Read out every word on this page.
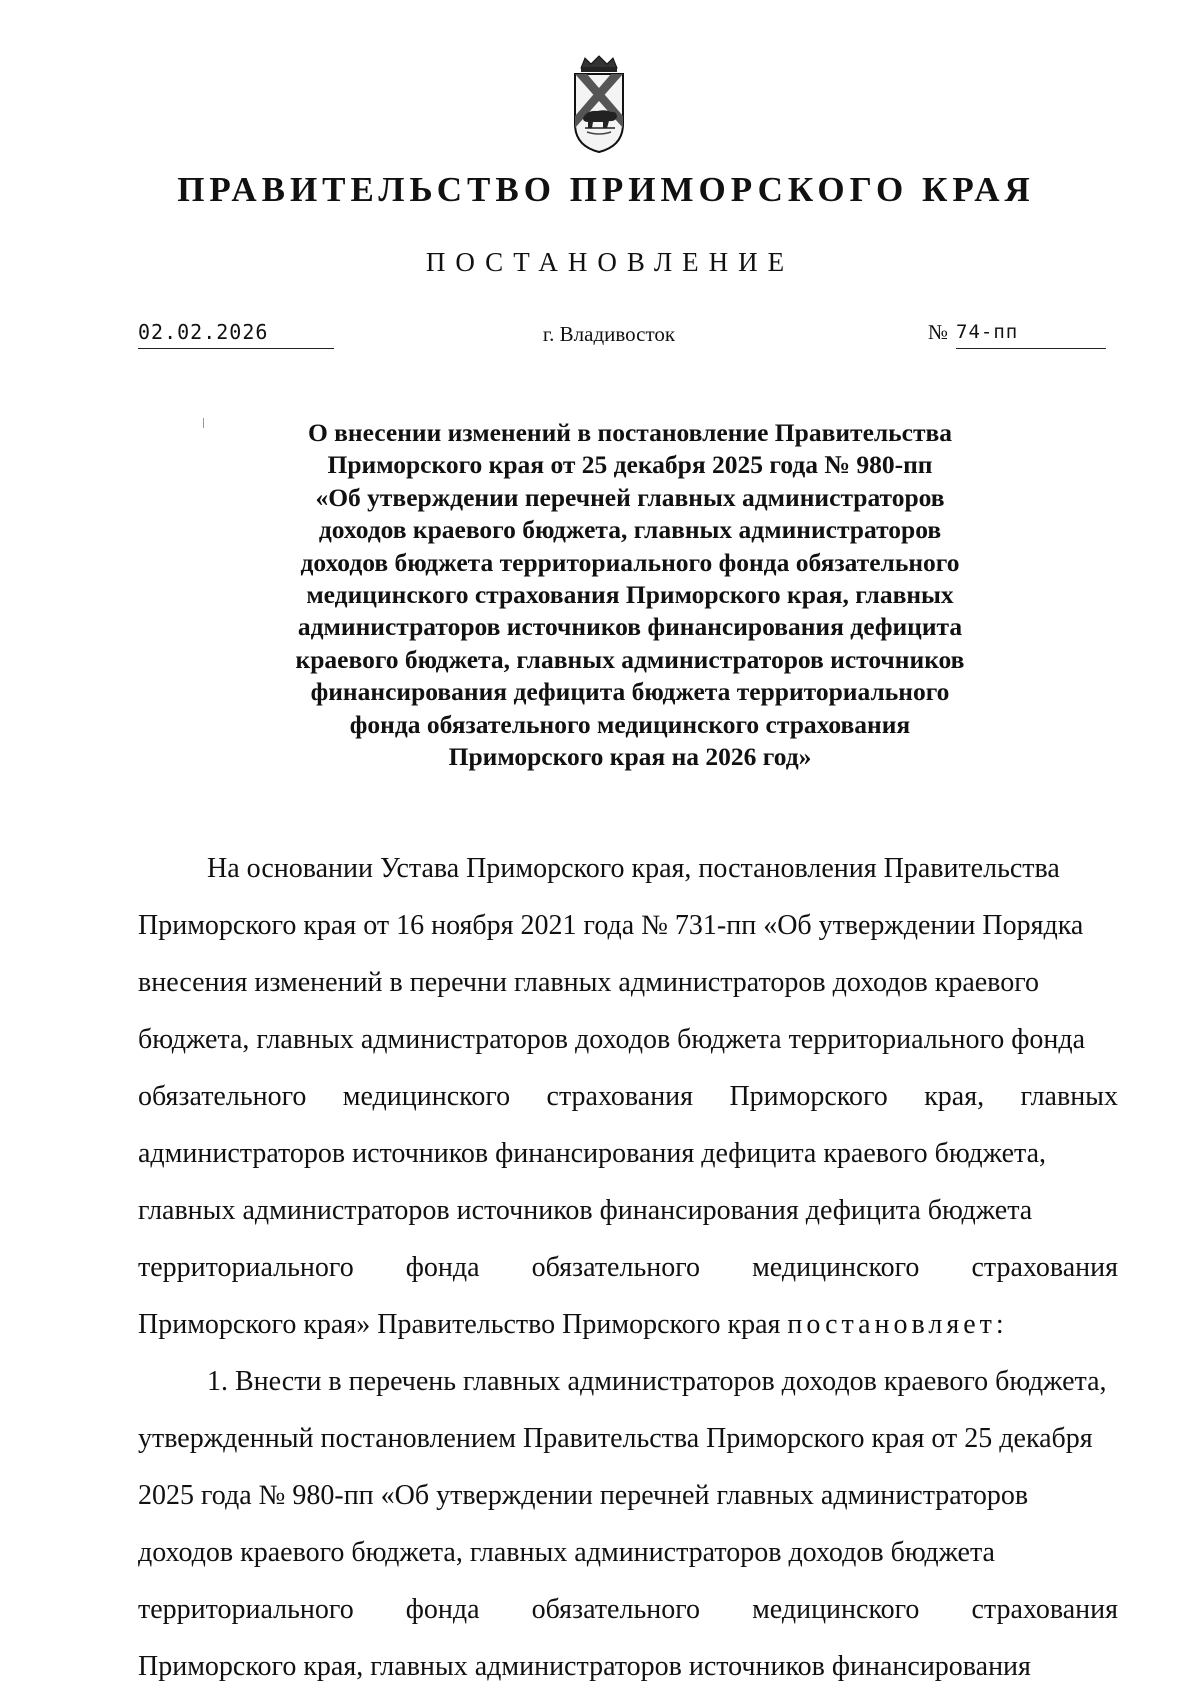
ПРАВИТЕЛЬСТВО ПРИМОРСКОГО КРАЯ
ПОСТАНОВЛЕНИЕ
02.02.2026	г. Владивосток	№ 74-пп
О внесении изменений в постановление Правительства
Приморского края от 25 декабря 2025 года № 980-пп
«Об утверждении перечней главных администраторов
доходов краевого бюджета, главных администраторов
доходов бюджета территориального фонда обязательного
медицинского страхования Приморского края, главных
администраторов источников финансирования дефицита
краевого бюджета, главных администраторов источников
финансирования дефицита бюджета территориального
фонда обязательного медицинского страхования
Приморского края на 2026 год»
На основании Устава Приморского края, постановления Правительства
Приморского края от 16 ноября 2021 года № 731-пп «Об утверждении Порядка
внесения изменений в перечни главных администраторов доходов краевого
бюджета, главных администраторов доходов бюджета территориального фонда
обязательного медицинского страхования Приморского края, главных
администраторов источников финансирования дефицита краевого бюджета,
главных администраторов источников финансирования дефицита бюджета
территориального фонда обязательного медицинского страхования
Приморского края» Правительство Приморского края постановляет:
1. Внести в перечень главных администраторов доходов краевого бюджета,
утвержденный постановлением Правительства Приморского края от 25 декабря
2025 года № 980-пп «Об утверждении перечней главных администраторов
доходов краевого бюджета, главных администраторов доходов бюджета
территориального фонда обязательного медицинского страхования
Приморского края, главных администраторов источников финансирования
